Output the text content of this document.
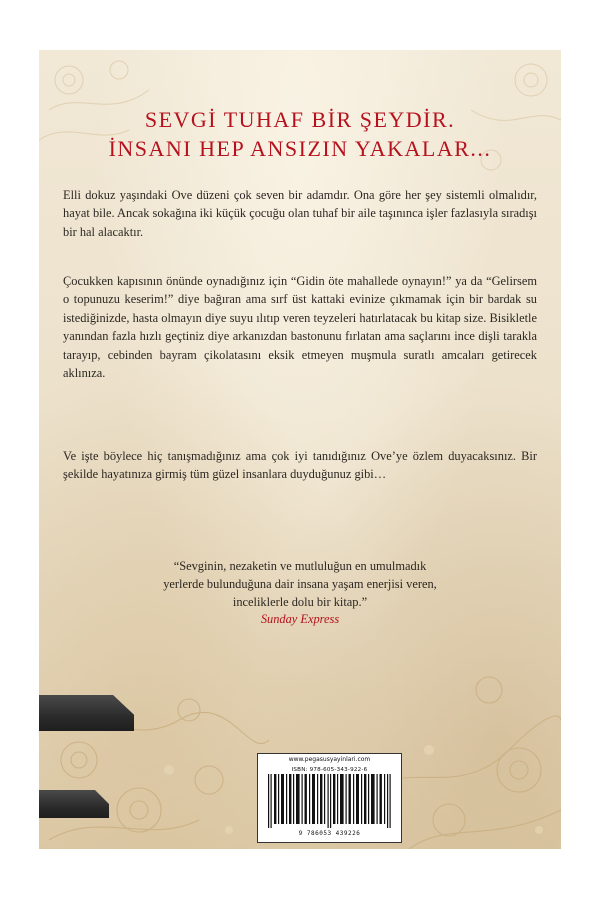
SEVGİ TUHAF BİR ŞEYDİR.
İNSANI HEP ANSIZIN YAKALAR...

Elli dokuz yaşındaki Ove düzeni çok seven bir adamdır. Ona göre her şey sistemli olmalıdır, hayat bile. Ancak sokağına iki küçük çocuğu olan tuhaf bir aile taşınınca işler fazlasıyla sıradışı bir hal alacaktır.

Çocukken kapısının önünde oynadığınız için “Gidin öte mahallede oynayın!” ya da “Gelirsem o topunuzu keserim!” diye bağıran ama sırf üst kattaki evinize çıkmamak için bir bardak su istediğinizde, hasta olmayın diye suyu ılıtıp veren teyzeleri hatırlatacak bu kitap size. Bisikletle yanından fazla hızlı geçtiniz diye arkanızdan bastonunu fırlatan ama saçlarını ince dişli tarakla tarayıp, cebinden bayram çikolatasını eksik etmeyen muşmula suratlı amcaları getirecek aklınıza.

Ve işte böylece hiç tanışmadığınız ama çok iyi tanıdığınız Ove’ye özlem duyacaksınız. Bir şekilde hayatınıza girmiş tüm güzel insanlara duyduğunuz gibi…

“Sevginin, nezaketin ve mutluluğun en umulmadık

yerlerde bulunduğuna dair insana yaşam enerjisi veren,

inceliklerle dolu bir kitap.”

Sunday Express

www.pegasusyayinlari.com
ISBN: 978-605-343-922-6
9 786053 439226
